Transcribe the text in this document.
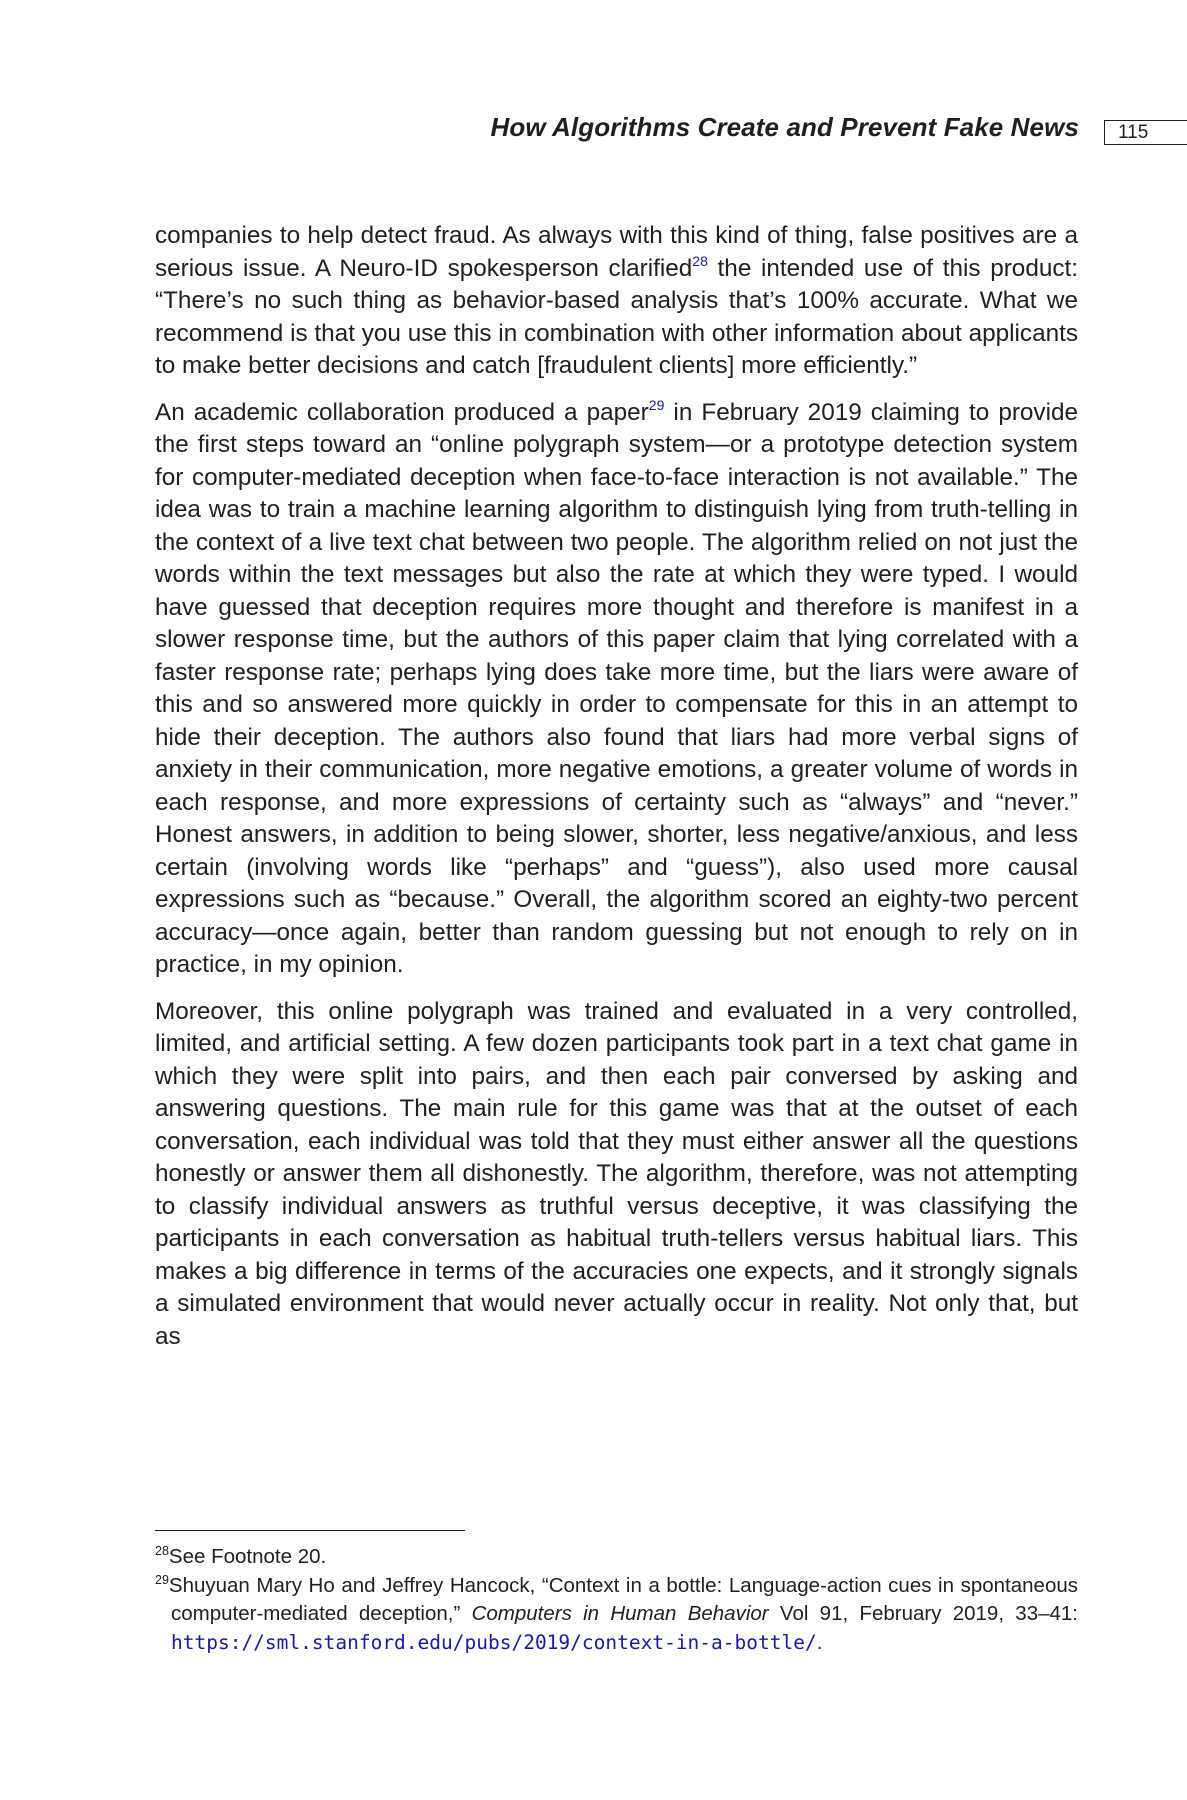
How Algorithms Create and Prevent Fake News 115

companies to help detect fraud. As always with this kind of thing, false positives are a serious issue. A Neuro-ID spokesperson clarified$^{28}$ the intended use of this product: “There’s no such thing as behavior-based analysis that’s 100% accurate. What we recommend is that you use this in combination with other information about applicants to make better decisions and catch [fraudulent clients] more efficiently.”

An academic collaboration produced a paper$^{29}$ in February 2019 claiming to provide the first steps toward an “online polygraph system—or a prototype detection system for computer-mediated deception when face-to-face interaction is not available.” The idea was to train a machine learning algorithm to distinguish lying from truth-telling in the context of a live text chat between two people. The algorithm relied on not just the words within the text messages but also the rate at which they were typed. I would have guessed that deception requires more thought and therefore is manifest in a slower response time, but the authors of this paper claim that lying correlated with a faster response rate; perhaps lying does take more time, but the liars were aware of this and so answered more quickly in order to compensate for this in an attempt to hide their deception. The authors also found that liars had more verbal signs of anxiety in their communication, more negative emotions, a greater volume of words in each response, and more expressions of certainty such as “always” and “never.” Honest answers, in addition to being slower, shorter, less negative/anxious, and less certain (involving words like “perhaps” and “guess”), also used more causal expressions such as “because.” Overall, the algorithm scored an eighty-two percent accuracy—once again, better than random guessing but not enough to rely on in practice, in my opinion.

Moreover, this online polygraph was trained and evaluated in a very controlled, limited, and artificial setting. A few dozen participants took part in a text chat game in which they were split into pairs, and then each pair conversed by asking and answering questions. The main rule for this game was that at the outset of each conversation, each individual was told that they must either answer all the questions honestly or answer them all dishonestly. The algorithm, therefore, was not attempting to classify individual answers as truthful versus deceptive, it was classifying the participants in each conversation as habitual truth-tellers versus habitual liars. This makes a big difference in terms of the accuracies one expects, and it strongly signals a simulated environment that would never actually occur in reality. Not only that, but as

$^{28}$See Footnote 20.

$^{29}$Shuyuan Mary Ho and Jeffrey Hancock, “Context in a bottle: Language-action cues in spontaneous computer-mediated deception,” Computers in Human Behavior Vol 91, February 2019, 33–41: https://sml.stanford.edu/pubs/2019/context-in-a-bottle/.
